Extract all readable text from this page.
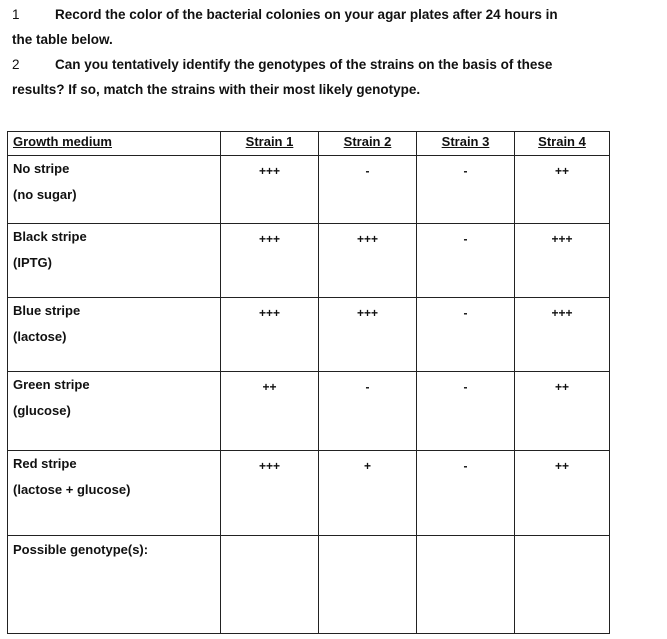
1	Record the color of the bacterial colonies on your agar plates after 24 hours in
the table below.
2	Can you tentatively identify the genotypes of the strains on the basis of these
results? If so, match the strains with their most likely genotype.
Growth medium	Strain 1	Strain 2	Strain 3	Strain 4

No stripe
(no sugar)	+++	-	-	++

Black stripe
(IPTG)	+++	+++	-	+++

Blue stripe
(lactose)	+++	+++	-	+++

Green stripe
(glucose)	++	-	-	++

Red stripe
(lactose + glucose)	+++	+	-	++

Possible genotype(s):				
